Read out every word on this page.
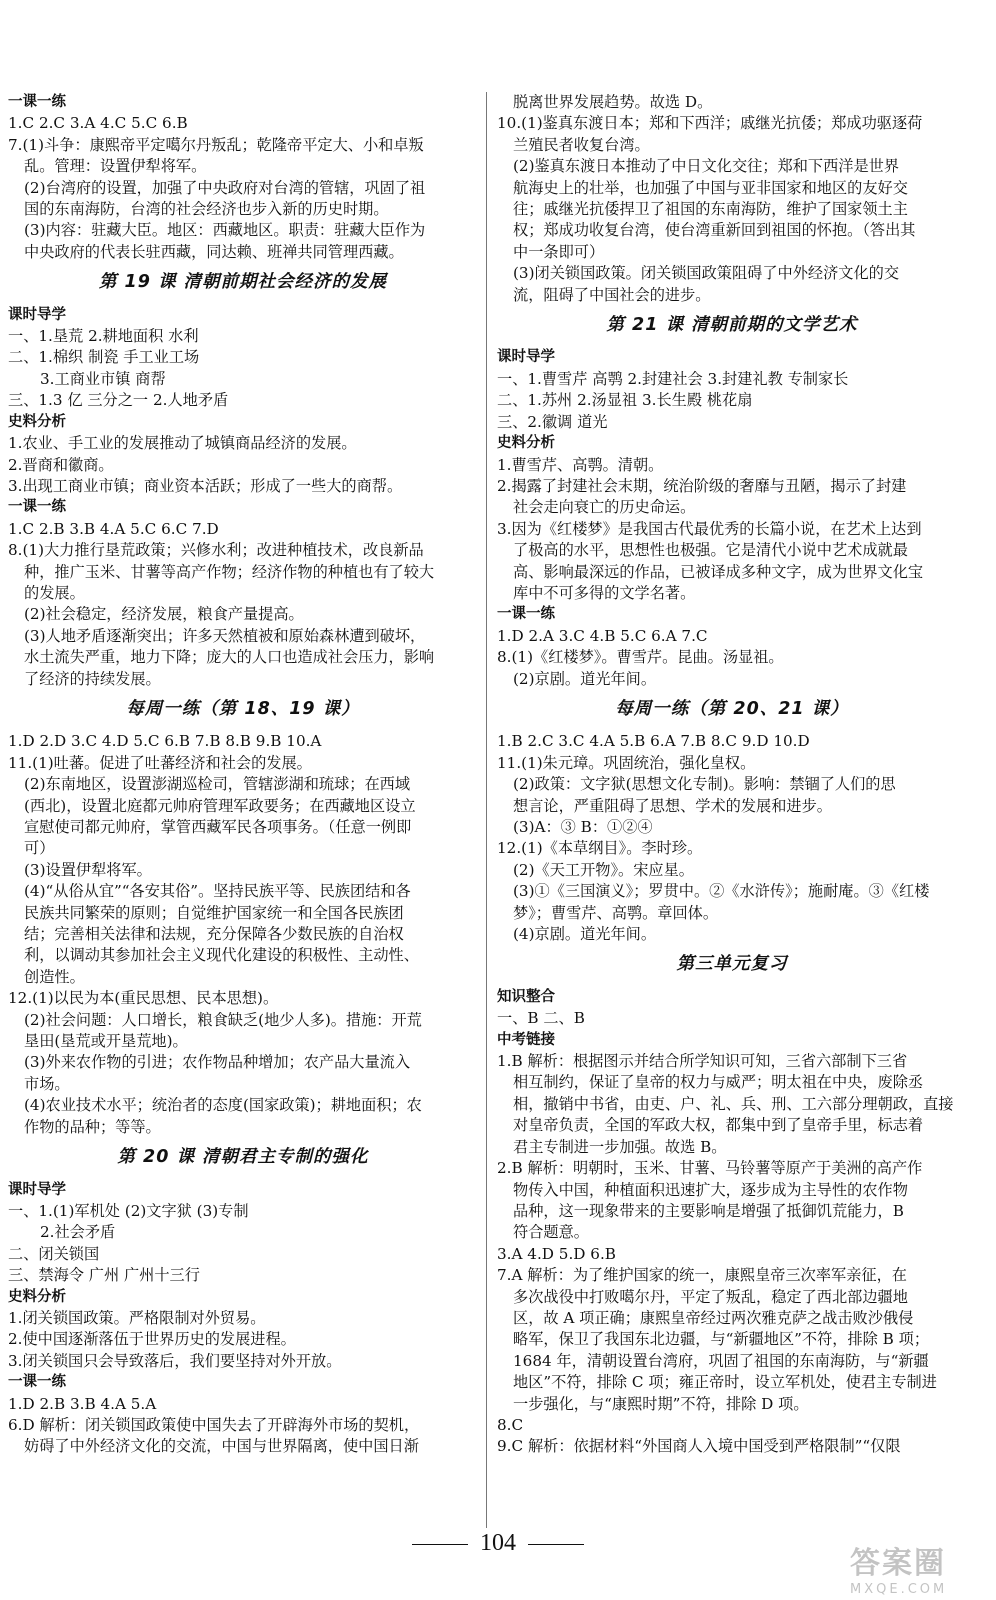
一课一练
1.C 2.C 3.A 4.C 5.C 6.B
7.(1)斗争：康熙帝平定噶尔丹叛乱；乾隆帝平定大、小和卓叛
乱。管理：设置伊犁将军。
(2)台湾府的设置，加强了中央政府对台湾的管辖，巩固了祖
国的东南海防，台湾的社会经济也步入新的历史时期。
(3)内容：驻藏大臣。地区：西藏地区。职责：驻藏大臣作为
中央政府的代表长驻西藏，同达赖、班禅共同管理西藏。
第 19 课 清朝前期社会经济的发展
课时导学
一、1.垦荒 2.耕地面积 水利
二、1.棉织 制瓷 手工业工场
3.工商业市镇 商帮
三、1.3 亿 三分之一 2.人地矛盾
史料分析
1.农业、手工业的发展推动了城镇商品经济的发展。
2.晋商和徽商。
3.出现工商业市镇；商业资本活跃；形成了一些大的商帮。
一课一练
1.C 2.B 3.B 4.A 5.C 6.C 7.D
8.(1)大力推行垦荒政策；兴修水利；改进种植技术，改良新品
种，推广玉米、甘薯等高产作物；经济作物的种植也有了较大
的发展。
(2)社会稳定，经济发展，粮食产量提高。
(3)人地矛盾逐渐突出；许多天然植被和原始森林遭到破坏，
水土流失严重，地力下降；庞大的人口也造成社会压力，影响
了经济的持续发展。
每周一练（第 18、19 课）
1.D 2.D 3.C 4.D 5.C 6.B 7.B 8.B 9.B 10.A
11.(1)吐蕃。促进了吐蕃经济和社会的发展。
(2)东南地区，设置澎湖巡检司，管辖澎湖和琉球；在西域
(西北)，设置北庭都元帅府管理军政要务；在西藏地区设立
宣慰使司都元帅府，掌管西藏军民各项事务。（任意一例即
可）
(3)设置伊犁将军。
(4)“从俗从宜”“各安其俗”。坚持民族平等、民族团结和各
民族共同繁荣的原则；自觉维护国家统一和全国各民族团
结；完善相关法律和法规，充分保障各少数民族的自治权
利，以调动其参加社会主义现代化建设的积极性、主动性、
创造性。
12.(1)以民为本(重民思想、民本思想)。
(2)社会问题：人口增长，粮食缺乏(地少人多)。措施：开荒
垦田(垦荒或开垦荒地)。
(3)外来农作物的引进；农作物品种增加；农产品大量流入
市场。
(4)农业技术水平；统治者的态度(国家政策)；耕地面积；农
作物的品种；等等。
第 20 课 清朝君主专制的强化
课时导学
一、1.(1)军机处 (2)文字狱 (3)专制
2.社会矛盾
二、闭关锁国
三、禁海令 广州 广州十三行
史料分析
1.闭关锁国政策。严格限制对外贸易。
2.使中国逐渐落伍于世界历史的发展进程。
3.闭关锁国只会导致落后，我们要坚持对外开放。
一课一练
1.D 2.B 3.B 4.A 5.A
6.D 解析：闭关锁国政策使中国失去了开辟海外市场的契机，
妨碍了中外经济文化的交流，中国与世界隔离，使中国日渐
脱离世界发展趋势。故选 D。
10.(1)鉴真东渡日本；郑和下西洋；戚继光抗倭；郑成功驱逐荷
兰殖民者收复台湾。
(2)鉴真东渡日本推动了中日文化交往；郑和下西洋是世界
航海史上的壮举，也加强了中国与亚非国家和地区的友好交
往；戚继光抗倭捍卫了祖国的东南海防，维护了国家领土主
权；郑成功收复台湾，使台湾重新回到祖国的怀抱。（答出其
中一条即可）
(3)闭关锁国政策。闭关锁国政策阻碍了中外经济文化的交
流，阻碍了中国社会的进步。
第 21 课 清朝前期的文学艺术
课时导学
一、1.曹雪芹 高鹗 2.封建社会 3.封建礼教 专制家长
二、1.苏州 2.汤显祖 3.长生殿 桃花扇
三、2.徽调 道光
史料分析
1.曹雪芹、高鹗。清朝。
2.揭露了封建社会末期，统治阶级的奢靡与丑陋，揭示了封建
社会走向衰亡的历史命运。
3.因为《红楼梦》是我国古代最优秀的长篇小说，在艺术上达到
了极高的水平，思想性也极强。它是清代小说中艺术成就最
高、影响最深远的作品，已被译成多种文字，成为世界文化宝
库中不可多得的文学名著。
一课一练
1.D 2.A 3.C 4.B 5.C 6.A 7.C
8.(1)《红楼梦》。曹雪芹。昆曲。汤显祖。
(2)京剧。道光年间。
每周一练（第 20、21 课）
1.B 2.C 3.C 4.A 5.B 6.A 7.B 8.C 9.D 10.D
11.(1)朱元璋。巩固统治，强化皇权。
(2)政策：文字狱(思想文化专制)。影响：禁锢了人们的思
想言论，严重阻碍了思想、学术的发展和进步。
(3)A：③ B：①②④
12.(1)《本草纲目》。李时珍。
(2)《天工开物》。宋应星。
(3)①《三国演义》；罗贯中。②《水浒传》；施耐庵。③《红楼
梦》；曹雪芹、高鹗。章回体。
(4)京剧。道光年间。
第三单元复习
知识整合
一、B 二、B
中考链接
1.B 解析：根据图示并结合所学知识可知，三省六部制下三省
相互制约，保证了皇帝的权力与威严；明太祖在中央，废除丞
相，撤销中书省，由吏、户、礼、兵、刑、工六部分理朝政，直接
对皇帝负责，全国的军政大权，都集中到了皇帝手里，标志着
君主专制进一步加强。故选 B。
2.B 解析：明朝时，玉米、甘薯、马铃薯等原产于美洲的高产作
物传入中国，种植面积迅速扩大，逐步成为主导性的农作物
品种，这一现象带来的主要影响是增强了抵御饥荒能力，B
符合题意。
3.A 4.D 5.D 6.B
7.A 解析：为了维护国家的统一，康熙皇帝三次率军亲征，在
多次战役中打败噶尔丹，平定了叛乱，稳定了西北部边疆地
区，故 A 项正确；康熙皇帝经过两次雅克萨之战击败沙俄侵
略军，保卫了我国东北边疆，与“新疆地区”不符，排除 B 项；
1684 年，清朝设置台湾府，巩固了祖国的东南海防，与“新疆
地区”不符，排除 C 项；雍正帝时，设立军机处，使君主专制进
一步强化，与“康熙时期”不符，排除 D 项。
8.C
9.C 解析：依据材料“外国商人入境中国受到严格限制”“仅限
104
答案圈
MXQE.COM
